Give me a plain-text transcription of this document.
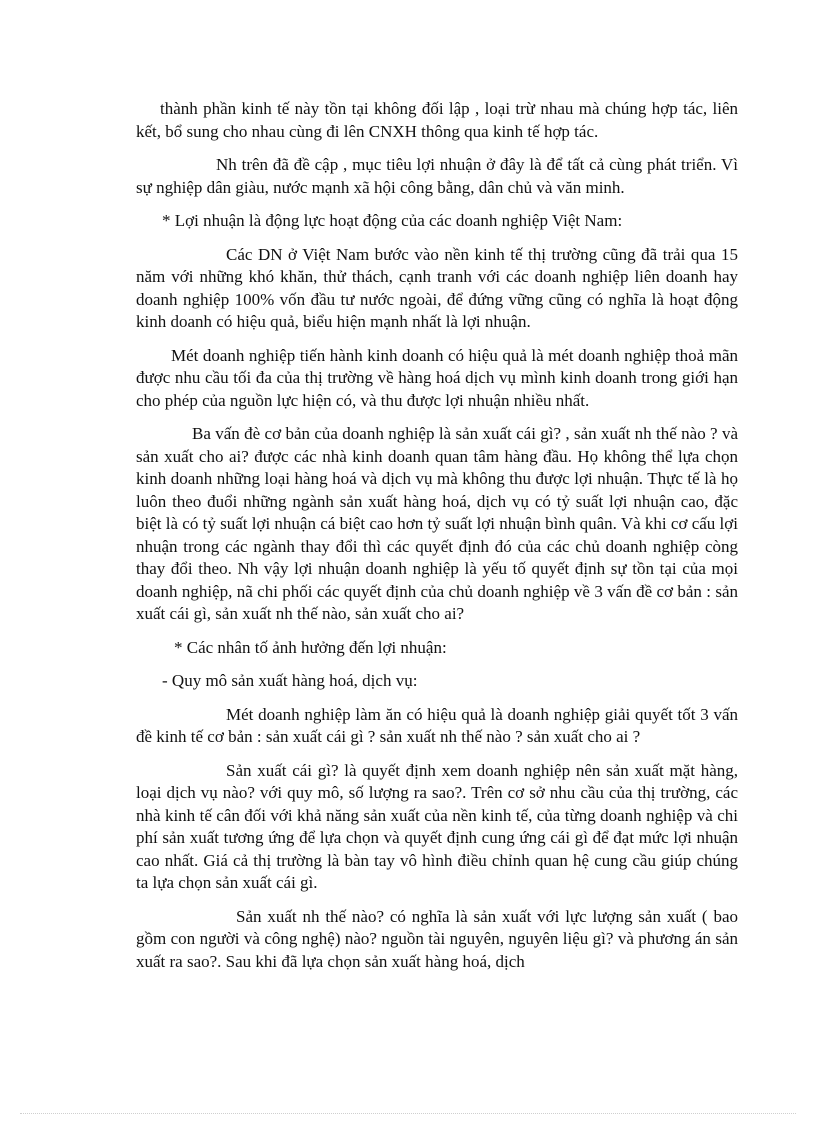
thành phần kinh tế này tồn tại không đối lập , loại trừ nhau mà chúng hợp tác, liên kết, bổ sung cho nhau cùng đi lên CNXH thông qua kinh tế hợp tác.

Nh trên đã đề cập , mục tiêu lợi nhuận ở đây là để tất cả cùng phát triển. Vì sự nghiệp dân giàu, nước mạnh xã hội công bằng, dân chủ và văn minh.

* Lợi nhuận là động lực hoạt động của các doanh nghiệp Việt Nam:

Các DN ở Việt Nam bước vào nền kinh tế thị trường cũng đã trải qua 15 năm với những khó khăn, thử thách, cạnh tranh với các doanh nghiệp liên doanh hay doanh nghiệp 100% vốn đầu tư nước ngoài, để đứng vững cũng có nghĩa là hoạt động kinh doanh có hiệu quả, biểu hiện mạnh nhất là lợi nhuận.

Mét doanh nghiệp tiến hành kinh doanh có hiệu quả là mét doanh nghiệp thoả mãn được nhu cầu tối đa của thị trường về hàng hoá dịch vụ mình kinh doanh trong giới hạn cho phép của nguồn lực hiện có, và thu được lợi nhuận nhiều nhất.

Ba vấn đè cơ bản của doanh nghiệp là sản xuất cái gì? , sản xuất nh thế nào ? và sản xuất cho ai? được các nhà kinh doanh quan tâm hàng đầu. Họ không thể lựa chọn kinh doanh những loại hàng hoá và dịch vụ mà không thu được lợi nhuận. Thực tế là họ luôn theo đuổi những ngành sản xuất hàng hoá, dịch vụ có tỷ suất lợi nhuận cao, đặc biệt là có tỷ suất lợi nhuận cá biệt cao hơn tỷ suất lợi nhuận bình quân. Và khi cơ cấu lợi nhuận trong các ngành thay đổi thì các quyết định đó của các chủ doanh nghiệp còng thay đổi theo. Nh vậy lợi nhuận doanh nghiệp là yếu tố quyết định sự tồn tại của mọi doanh nghiệp, nã chi phối các quyết định của chủ doanh nghiệp về 3 vấn đề cơ bản : sản xuất cái gì, sản xuất nh thế nào, sản xuất cho ai?

* Các nhân tố ảnh hưởng đến lợi nhuận:

- Quy mô sản xuất hàng hoá, dịch vụ:

Mét doanh nghiệp làm ăn có hiệu quả là doanh nghiệp giải quyết tốt 3 vấn đề kinh tế cơ bản : sản xuất cái gì ? sản xuất nh thế nào ? sản xuất cho ai ?

Sản xuất cái gì? là quyết định xem doanh nghiệp nên sản xuất mặt hàng, loại dịch vụ nào? với quy mô, số lượng ra sao?. Trên cơ sở nhu cầu của thị trường, các nhà kinh tế cân đối với khả năng sản xuất của nền kinh tế, của từng doanh nghiệp và chi phí sản xuất tương ứng để lựa chọn và quyết định cung ứng cái gì để đạt mức lợi nhuận cao nhất. Giá cả thị trường là bàn tay vô hình điều chỉnh quan hệ cung cầu giúp chúng ta lựa chọn sản xuất cái gì.

Sản xuất nh thế nào? có nghĩa là sản xuất với lực lượng sản xuất ( bao gồm con người và công nghệ) nào? nguồn tài nguyên, nguyên liệu gì? và phương án sản xuất ra sao?. Sau khi đã lựa chọn sản xuất hàng hoá, dịch
